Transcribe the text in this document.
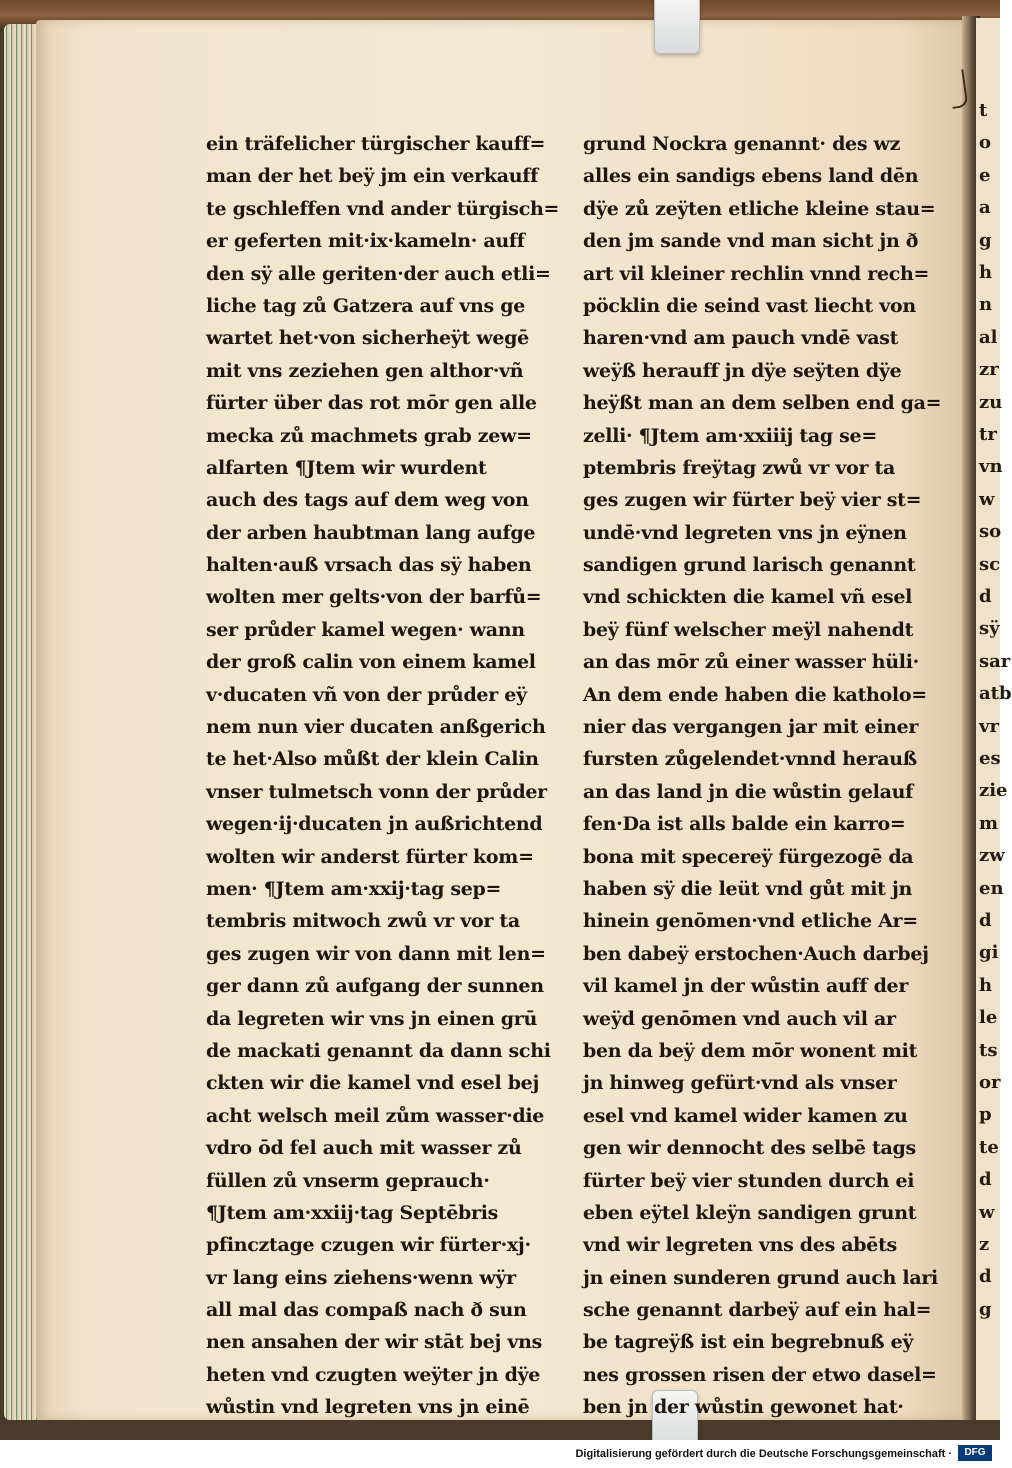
t
o
e
a
g
h
n
al
zr
zu
tr
vn
w
so
sc
d
sÿ
sar
atb
vr
es
zie
m
zw
en
d
gi
h
le
ts
or
p
te
d
w
z
d
g
ein träfelicher türgischer kauff=
man der het beÿ jm ein verkauff
te gschleffen vnd ander türgisch=
er geferten mit·ix·kameln· auff
den sÿ alle geriten·der auch etli=
liche tag zů Gatzera auf vns ge
wartet het·von sicherheÿt wegē
mit vns zeziehen gen althor·vñ
fürter über das rot mōr gen alle
mecka zů machmets grab zew=
alfarten ¶Jtem wir wurdent
auch des tags auf dem weg von
der arben haubtman lang aufge
halten·auß vrsach das sÿ haben
wolten mer gelts·von der barfů=
ser průder kamel wegen· wann
der groß calin von einem kamel
v·ducaten vñ von der průder eÿ
nem nun vier ducaten anßgerich
te het·Also můßt der klein Calin
vnser tulmetsch vonn der průder
wegen·ij·ducaten jn außrichtend
wolten wir anderst fürter kom=
men· ¶Jtem am·xxij·tag sep=
tembris mitwoch zwů vr vor ta
ges zugen wir von dann mit len=
ger dann zů aufgang der sunnen
da legreten wir vns jn einen grū
de mackati genannt da dann schi
ckten wir die kamel vnd esel bej
acht welsch meil zům wasser·die
vdro ōd fel auch mit wasser zů
füllen zů vnserm geprauch·
¶Jtem am·xxiij·tag Septēbris
pfincztage czugen wir fürter·xj·
vr lang eins ziehens·wenn wÿr
all mal das compaß nach ð sun
nen ansahen der wir stāt bej vns
heten vnd czugten weÿter jn dÿe
wůstin vnd legreten vns jn einē
grund Nockra genannt· des wz
alles ein sandigs ebens land dēn
dÿe zů zeÿten etliche kleine stau=
den jm sande vnd man sicht jn ð
art vil kleiner rechlin vnnd rech=
pöcklin die seind vast liecht von
haren·vnd am pauch vndē vast
weÿß herauff jn dÿe seÿten dÿe
heÿßt man an dem selben end ga=
zelli· ¶Jtem am·xxiiij tag se=
ptembris freÿtag zwů vr vor ta
ges zugen wir fürter beÿ vier st=
undē·vnd legreten vns jn eÿnen
sandigen grund larisch genannt
vnd schickten die kamel vñ esel
beÿ fünf welscher meÿl nahendt
an das mōr zů einer wasser hüli·
An dem ende haben die katholo=
nier das vergangen jar mit einer
fursten zůgelendet·vnnd herauß
an das land jn die wůstin gelauf
fen·Da ist alls balde ein karro=
bona mit specereÿ fürgezogē da
haben sÿ die leüt vnd gůt mit jn
hinein genōmen·vnd etliche Ar=
ben dabeÿ erstochen·Auch darbej
vil kamel jn der wůstin auff der
weÿd genōmen vnd auch vil ar
ben da beÿ dem mōr wonent mit
jn hinweg gefürt·vnd als vnser
esel vnd kamel wider kamen zu
gen wir dennocht des selbē tags
fürter beÿ vier stunden durch ei
eben eÿtel kleÿn sandigen grunt
vnd wir legreten vns des abēts
jn einen sunderen grund auch lari
sche genannt darbeÿ auf ein hal=
be tagreÿß ist ein begrebnuß eÿ
nes grossen risen der etwo dasel=
ben jn der wůstin gewonet hat·
Digitalisierung gefördert durch die Deutsche Forschungsgemeinschaft ·	DFG
